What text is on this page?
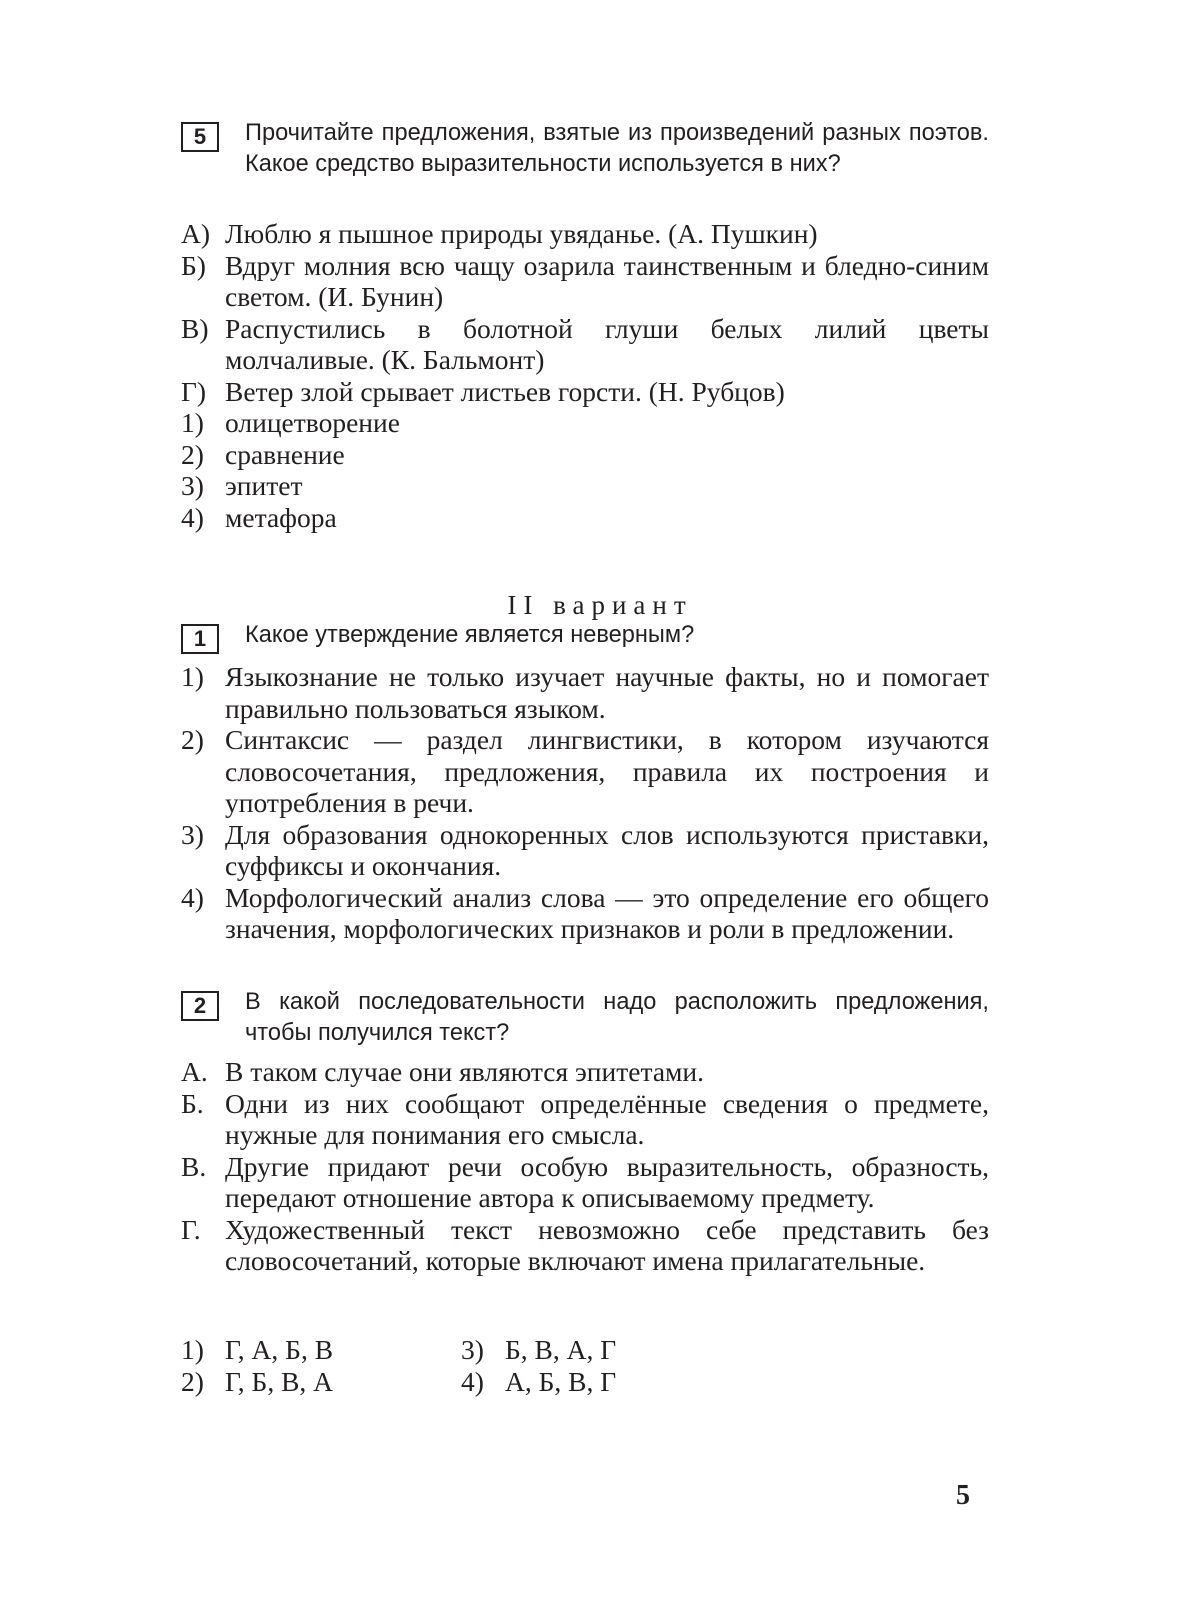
5	Прочитайте предложения, взятые из произведений разных поэтов. Какое средство выразительности используется в них?
А) Люблю я пышное природы увяданье. (А. Пушкин)
Б) Вдруг молния всю чащу озарила таинственным и бледно-синим светом. (И. Бунин)
В) Распустились в болотной глуши белых лилий цветы молчаливые. (К. Бальмонт)
Г) Ветер злой срывает листьев горсти. (Н. Рубцов)
1) олицетворение
2) сравнение
3) эпитет
4) метафора
II вариант
1	Какое утверждение является неверным?
1) Языкознание не только изучает научные факты, но и помогает правильно пользоваться языком.
2) Синтаксис — раздел лингвистики, в котором изучаются словосочетания, предложения, правила их построения и употребления в речи.
3) Для образования однокоренных слов используются приставки, суффиксы и окончания.
4) Морфологический анализ слова — это определение его общего значения, морфологических признаков и роли в предложении.
2	В какой последовательности надо расположить предложения, чтобы получился текст?
А. В таком случае они являются эпитетами.
Б. Одни из них сообщают определённые сведения о предмете, нужные для понимания его смысла.
В. Другие придают речи особую выразительность, образность, передают отношение автора к описываемому предмету.
Г. Художественный текст невозможно себе представить без словосочетаний, которые включают имена прилагательные.
1) Г, А, Б, В	3) Б, В, А, Г
2) Г, Б, В, А	4) А, Б, В, Г
5
